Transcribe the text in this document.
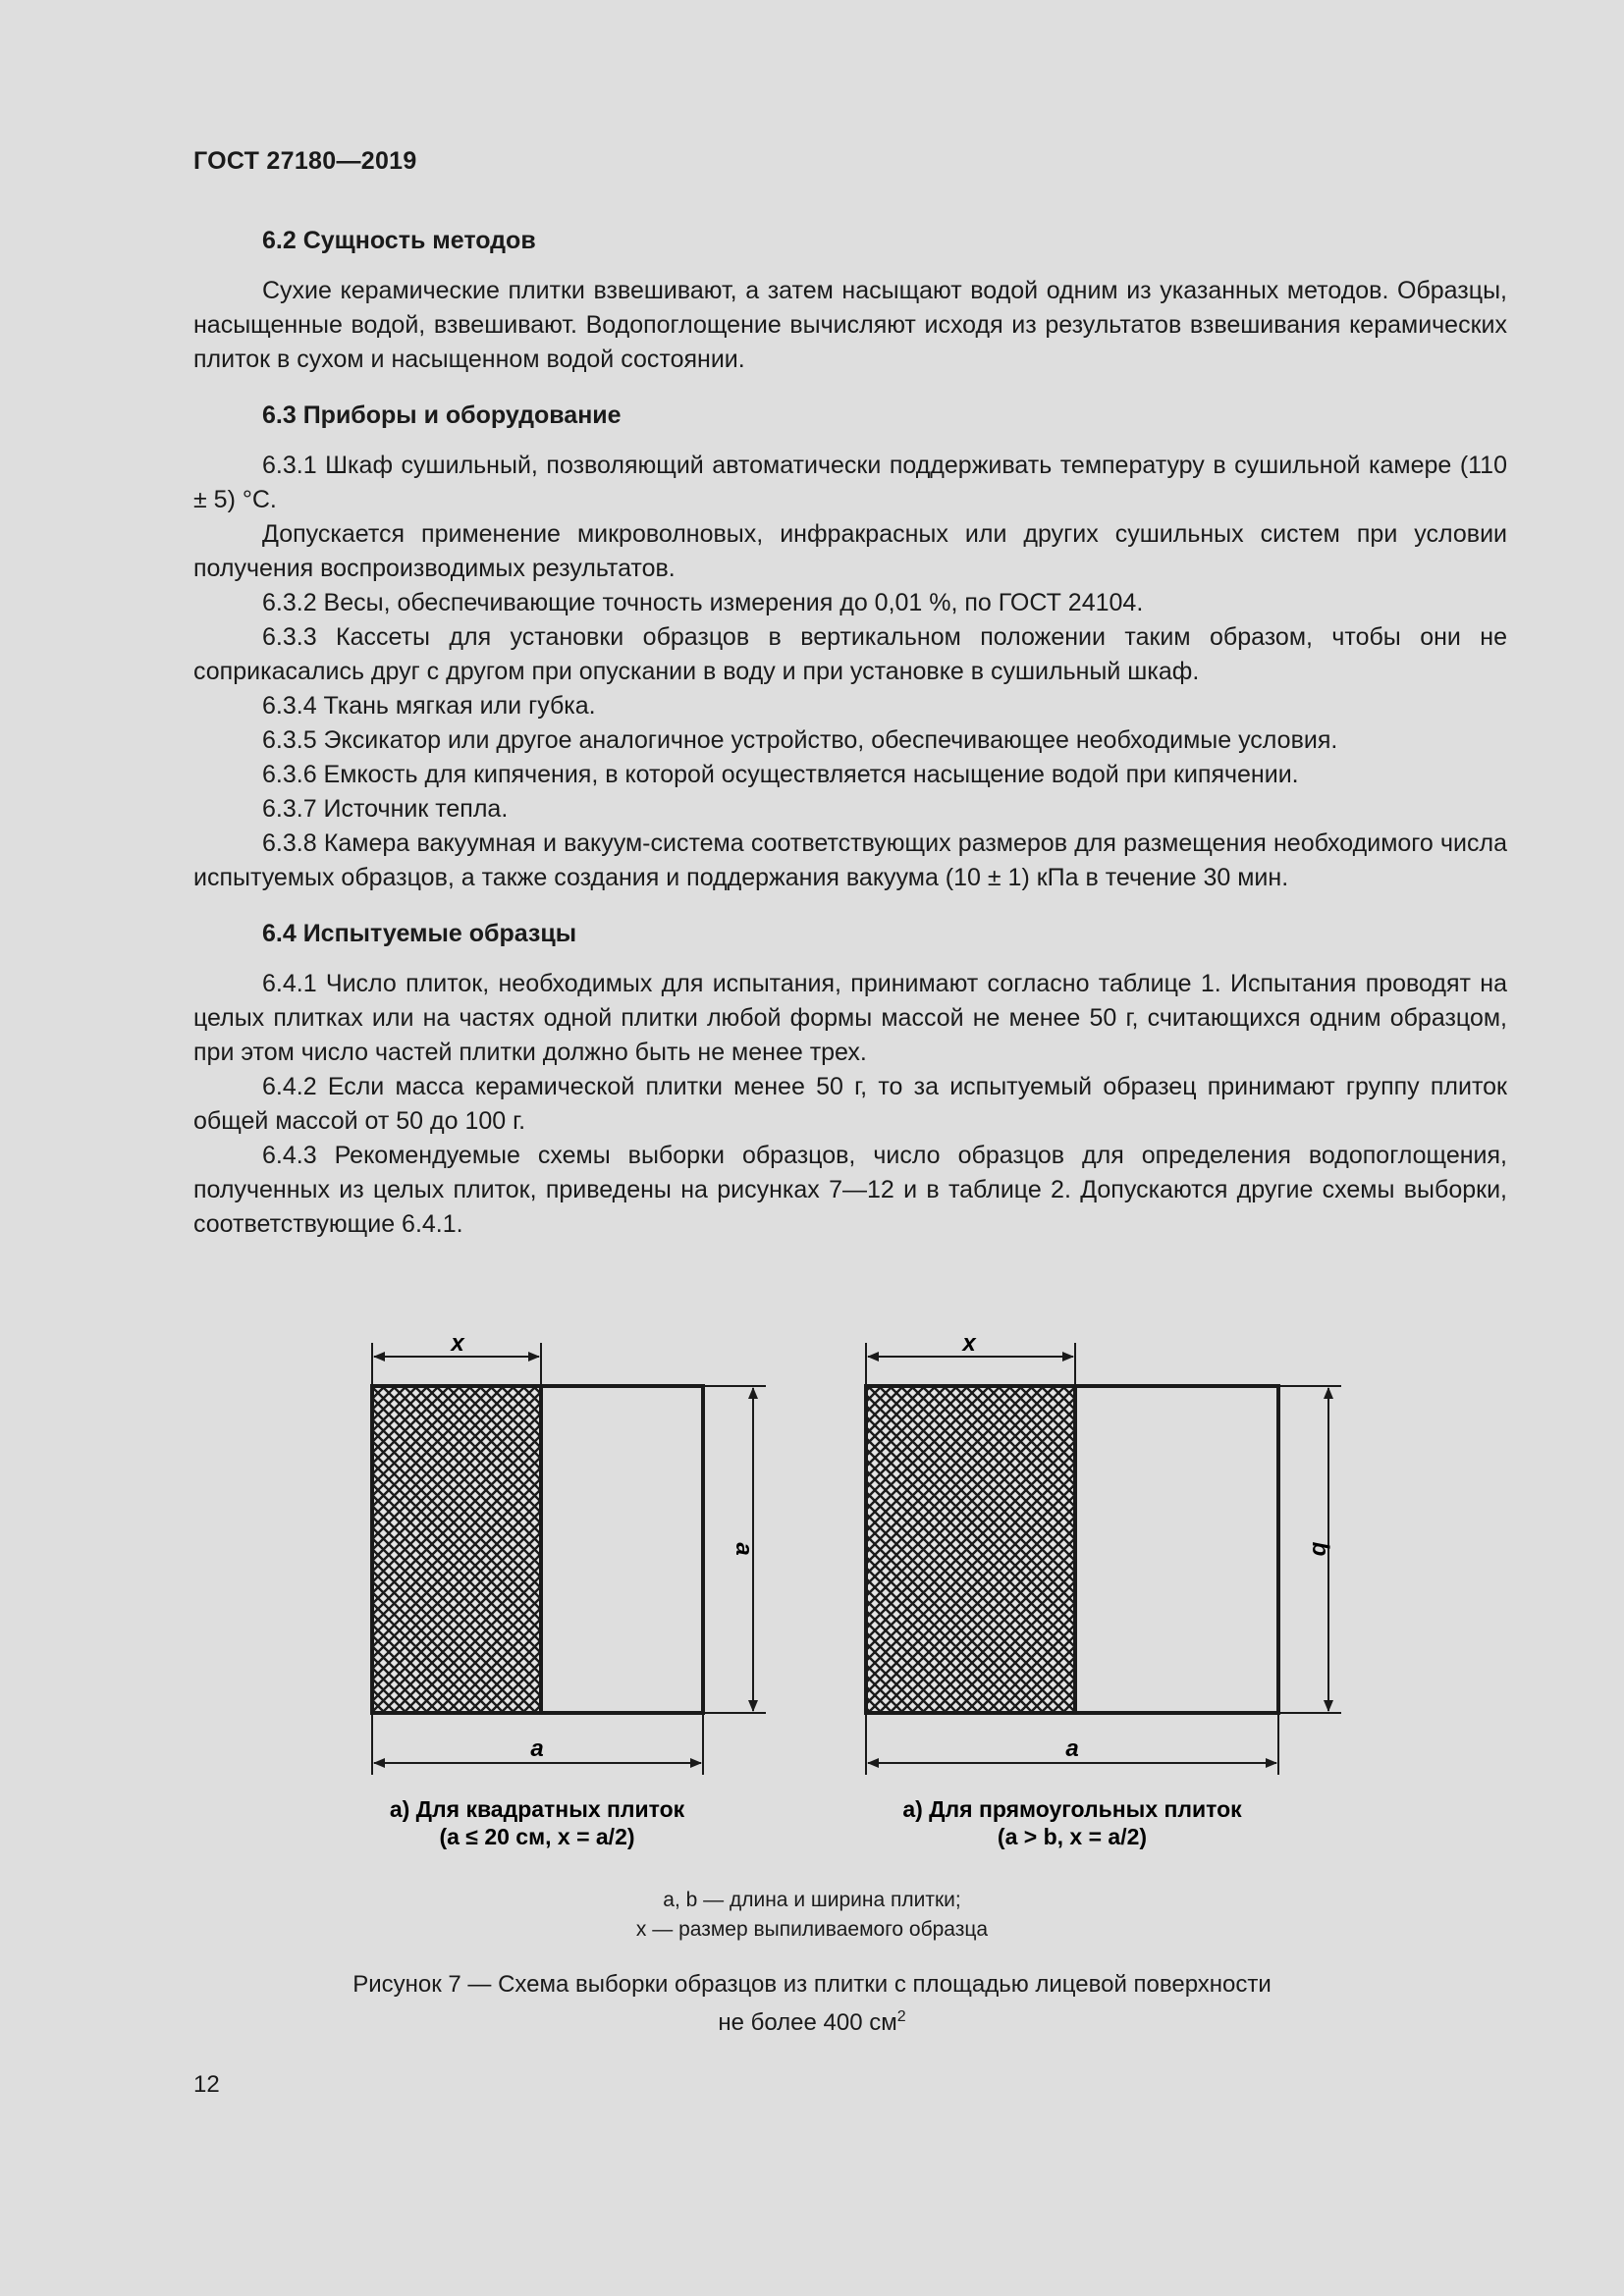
ГОСТ 27180—2019

6.2 Сущность методов

Сухие керамические плитки взвешивают, а затем насыщают водой одним из указанных методов. Образцы, насыщенные водой, взвешивают. Водопоглощение вычисляют исходя из результатов взвешивания керамических плиток в сухом и насыщенном водой состоянии.

6.3 Приборы и оборудование

6.3.1 Шкаф сушильный, позволяющий автоматически поддерживать температуру в сушильной камере (110 ± 5) °С.

Допускается применение микроволновых, инфракрасных или других сушильных систем при условии получения воспроизводимых результатов.

6.3.2 Весы, обеспечивающие точность измерения до 0,01 %, по ГОСТ 24104.

6.3.3 Кассеты для установки образцов в вертикальном положении таким образом, чтобы они не соприкасались друг с другом при опускании в воду и при установке в сушильный шкаф.

6.3.4 Ткань мягкая или губка.

6.3.5 Эксикатор или другое аналогичное устройство, обеспечивающее необходимые условия.

6.3.6 Емкость для кипячения, в которой осуществляется насыщение водой при кипячении.

6.3.7 Источник тепла.

6.3.8 Камера вакуумная и вакуум-система соответствующих размеров для размещения необходимого числа испытуемых образцов, а также создания и поддержания вакуума (10 ± 1) кПа в течение 30 мин.

6.4 Испытуемые образцы

6.4.1 Число плиток, необходимых для испытания, принимают согласно таблице 1. Испытания проводят на целых плитках или на частях одной плитки любой формы массой не менее 50 г, считающихся одним образцом, при этом число частей плитки должно быть не менее трех.

6.4.2 Если масса керамической плитки менее 50 г, то за испытуемый образец принимают группу плиток общей массой от 50 до 100 г.

6.4.3 Рекомендуемые схемы выборки образцов, число образцов для определения водопоглощения, полученных из целых плиток, приведены на рисунках 7—12 и в таблице 2. Допускаются другие схемы выборки, соответствующие 6.4.1.

x
a
a
а) Для квадратных плиток
(a ≤ 20 см, x = a/2)
x
b
a
а) Для прямоугольных плиток
(a > b, x = a/2)
a, b — длина и ширина плитки;
x — размер выпиливаемого образца
Рисунок 7 — Схема выборки образцов из плитки с площадью лицевой поверхности
не более 400 $см^2$
12
